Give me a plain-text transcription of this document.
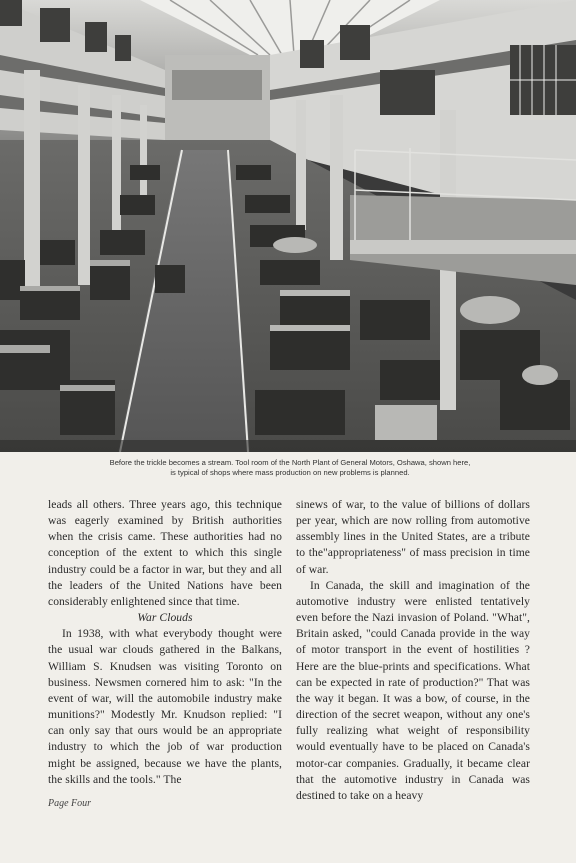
Before the trickle becomes a stream. Tool room of the North Plant of General Motors, Oshawa, shown here,
is typical of shops where mass production on new problems is planned.

leads all others. Three years ago, this technique was eagerly examined by British authorities when the crisis came. These authorities had no conception of the extent to which this single industry could be a factor in war, but they and all the leaders of the United Nations have been considerably enlightened since that time.

War Clouds

In 1938, with what everybody thought were the usual war clouds gathered in the Balkans, William S. Knudsen was visiting Toronto on business. Newsmen cornered him to ask: "In the event of war, will the automobile industry make munitions?" Modestly Mr. Knudson replied: "I can only say that ours would be an appropriate industry to which the job of war production might be assigned, because we have the plants, the skills and the tools." The

sinews of war, to the value of billions of dollars per year, which are now rolling from automotive assembly lines in the United States, are a tribute to the"appropriateness" of mass precision in time of war.

In Canada, the skill and imagination of the automotive industry were enlisted tentatively even before the Nazi invasion of Poland. "What", Britain asked, "could Canada provide in the way of motor transport in the event of hostilities ? Here are the blue-prints and specifications. What can be expected in rate of production?" That was the way it began. It was a bow, of course, in the direction of the secret weapon, without any one's fully realizing what weight of responsibility would eventually have to be placed on Canada's motor-car companies. Gradually, it became clear that the automotive industry in Canada was destined to take on a heavy

Page Four
